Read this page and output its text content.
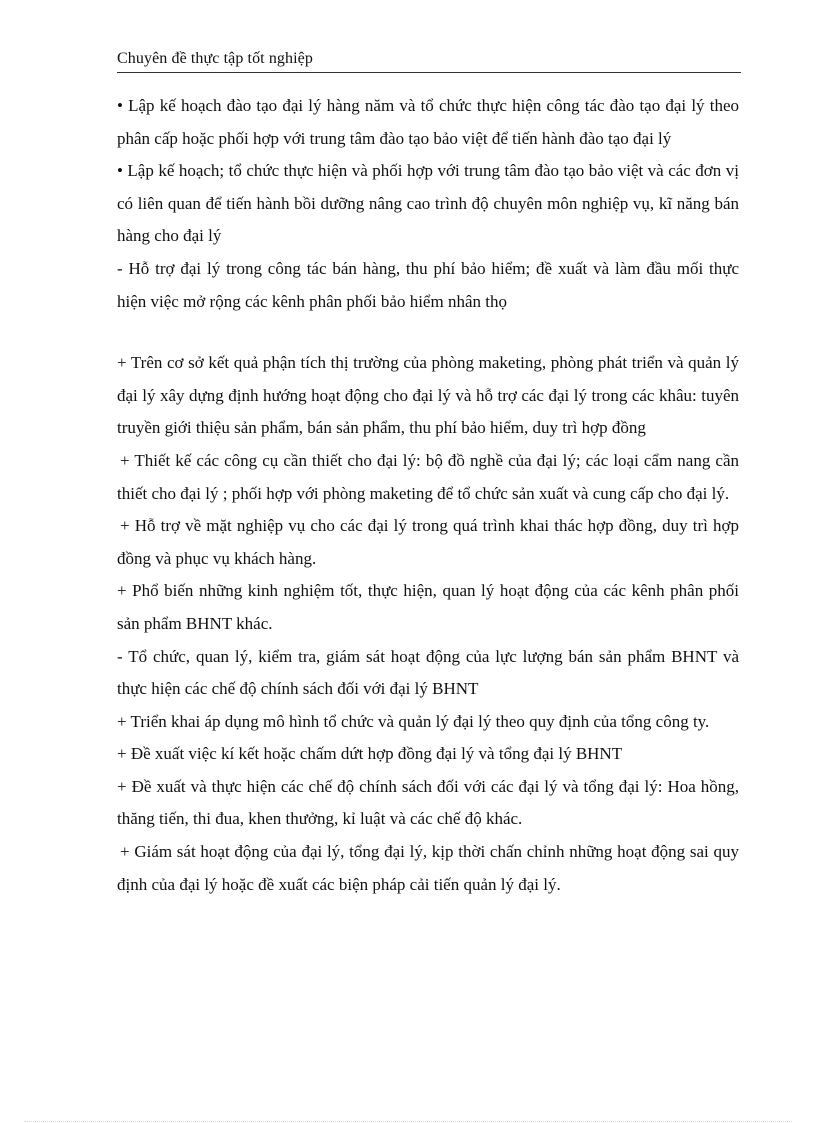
Chuyên đề thực tập tốt nghiệp

• Lập kế hoạch đào tạo đại lý hàng năm và tổ chức thực hiện công tác đào tạo đại lý theo phân cấp hoặc phối hợp với trung tâm đào tạo bảo việt để tiến hành đào tạo đại lý

• Lập kế hoạch; tổ chức thực hiện và phối hợp với trung tâm đào tạo bảo việt và các đơn vị có liên quan để tiến hành bồi dưỡng nâng cao trình độ chuyên môn nghiệp vụ, kĩ năng bán hàng cho đại lý

- Hỗ trợ đại lý trong công tác bán hàng, thu phí bảo hiểm; đề xuất và làm đầu mối thực hiện việc mở rộng các kênh phân phối bảo hiểm nhân thọ

+ Trên cơ sở kết quả phận tích thị trường của phòng maketing, phòng phát triển và quản lý đại lý xây dựng định hướng hoạt động cho đại lý và hỗ trợ các đại lý trong các khâu: tuyên truyền giới thiệu sản phẩm, bán sản phẩm, thu phí bảo hiểm, duy trì hợp đồng

+ Thiết kế các công cụ cần thiết cho đại lý: bộ đồ nghề của đại lý; các loại cẩm nang cần thiết cho đại lý ; phối hợp với phòng maketing để tổ chức sản xuất và cung cấp cho đại lý.

+ Hỗ trợ về mặt nghiệp vụ cho các đại lý trong quá trình khai thác hợp đồng, duy trì hợp đồng và phục vụ khách hàng.

+ Phổ biến những kinh nghiệm tốt, thực hiện, quan lý hoạt động của các kênh phân phối sản phẩm BHNT khác.

- Tổ chức, quan lý, kiểm tra, giám sát hoạt động của lực lượng bán sản phẩm BHNT và thực hiện các chế độ chính sách đối với đại lý BHNT

+ Triển khai áp dụng mô hình tổ chức và quản lý đại lý theo quy định của tổng công ty.

+ Đề xuất việc kí kết hoặc chấm dứt hợp đồng đại lý và tổng đại lý BHNT

+ Đề xuất và thực hiện các chế độ chính sách đối với các đại lý và tổng đại lý: Hoa hồng, thăng tiến, thi đua, khen thưởng, kỉ luật và các chế độ khác.

+ Giám sát hoạt động của đại lý, tổng đại lý, kịp thời chấn chỉnh những hoạt động sai quy định của đại lý hoặc đề xuất các biện pháp cải tiến quản lý đại lý.
